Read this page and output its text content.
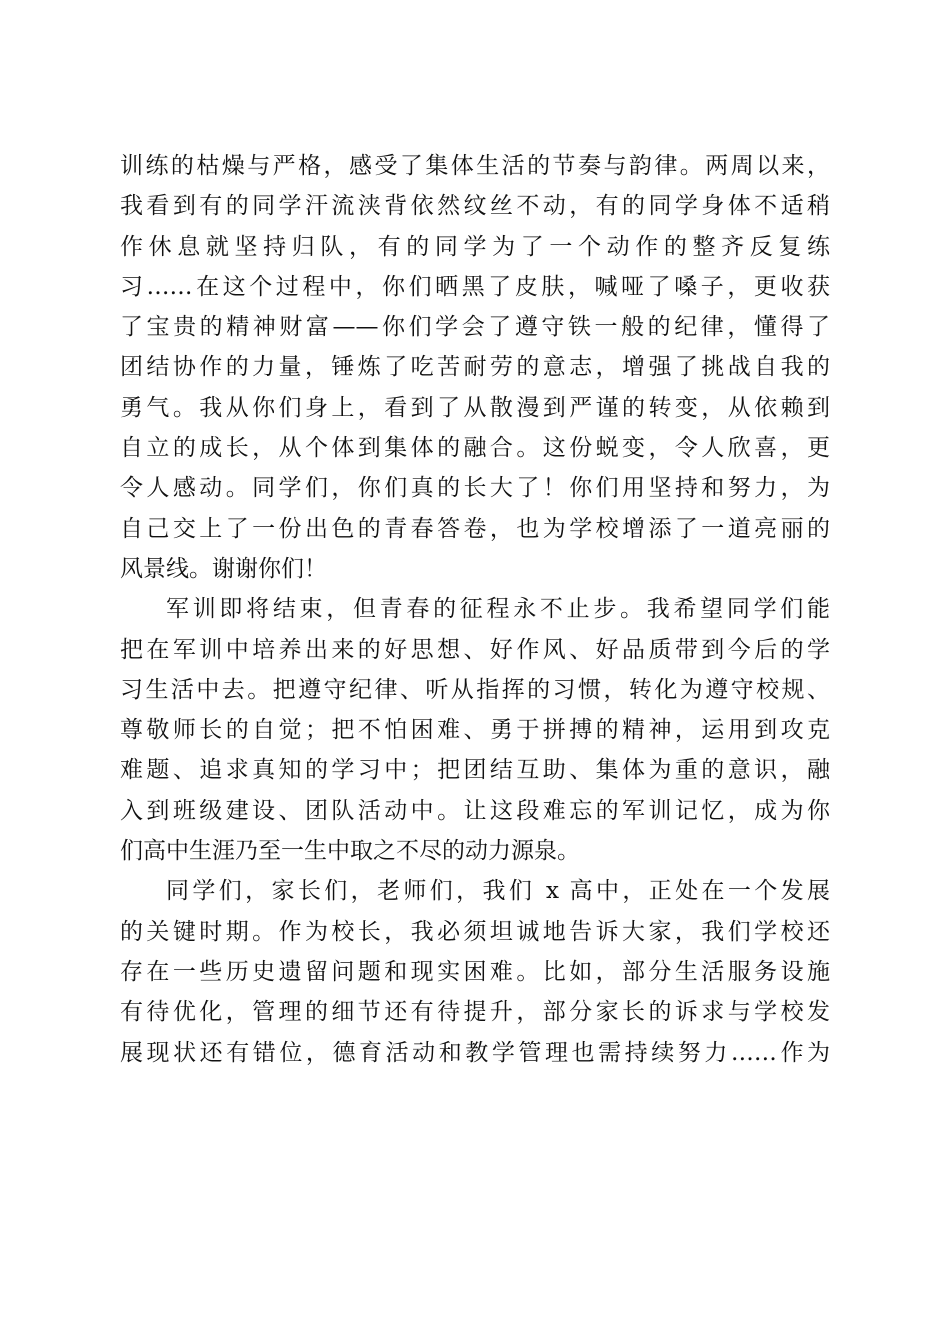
训练的枯燥与严格，感受了集体生活的节奏与韵律。两周以来，
我看到有的同学汗流浃背依然纹丝不动，有的同学身体不适稍
作休息就坚持归队，有的同学为了一个动作的整齐反复练
习……在这个过程中，你们晒黑了皮肤，喊哑了嗓子，更收获
了宝贵的精神财富——你们学会了遵守铁一般的纪律，懂得了
团结协作的力量，锤炼了吃苦耐劳的意志，增强了挑战自我的
勇气。我从你们身上，看到了从散漫到严谨的转变，从依赖到
自立的成长，从个体到集体的融合。这份蜕变，令人欣喜，更
令人感动。同学们，你们真的长大了！你们用坚持和努力，为
自己交上了一份出色的青春答卷，也为学校增添了一道亮丽的
风景线。谢谢你们！
军训即将结束，但青春的征程永不止步。我希望同学们能
把在军训中培养出来的好思想、好作风、好品质带到今后的学
习生活中去。把遵守纪律、听从指挥的习惯，转化为遵守校规、
尊敬师长的自觉；把不怕困难、勇于拼搏的精神，运用到攻克
难题、追求真知的学习中；把团结互助、集体为重的意识，融
入到班级建设、团队活动中。让这段难忘的军训记忆，成为你
们高中生涯乃至一生中取之不尽的动力源泉。
同学们，家长们，老师们，我们 x 高中，正处在一个发展
的关键时期。作为校长，我必须坦诚地告诉大家，我们学校还
存在一些历史遗留问题和现实困难。比如，部分生活服务设施
有待优化，管理的细节还有待提升，部分家长的诉求与学校发
展现状还有错位，德育活动和教学管理也需持续努力……作为
